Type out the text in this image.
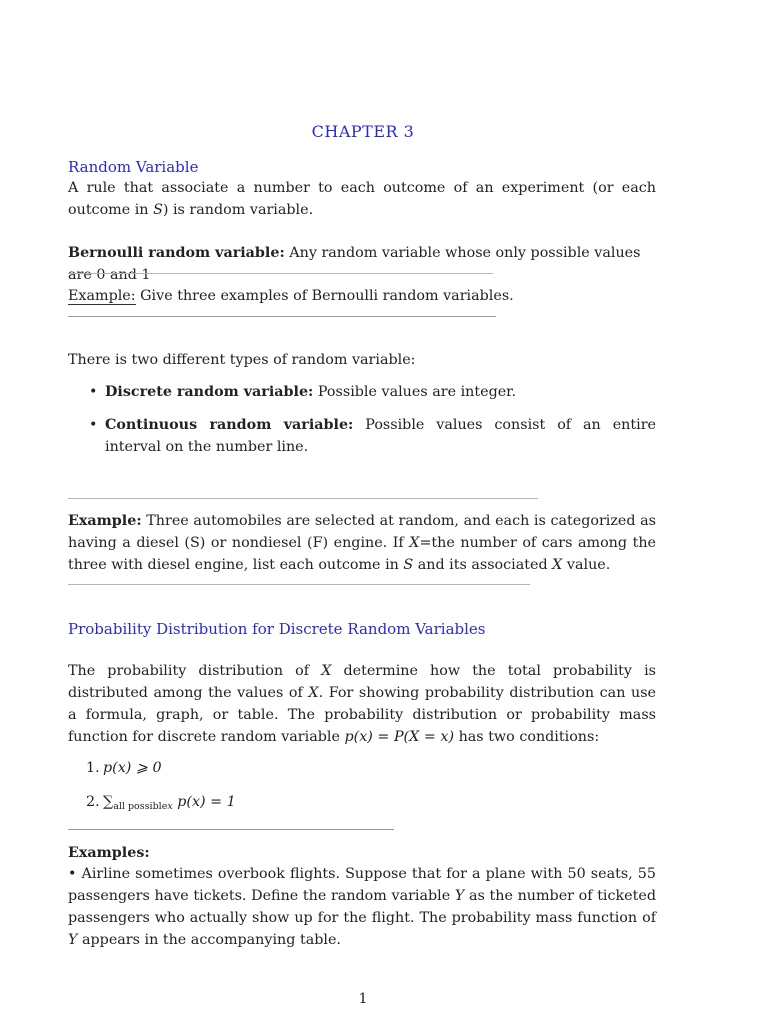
CHAPTER 3
Random Variable
A rule that associate a number to each outcome of an experiment (or each outcome in S) is random variable.
Bernoulli random variable: Any random variable whose only possible values are 0 and 1
Example: Give three examples of Bernoulli random variables.
There is two different types of random variable:
• Discrete random variable: Possible values are integer.
• Continuous random variable: Possible values consist of an entire interval on the number line.
Example: Three automobiles are selected at random, and each is categorized as having a diesel (S) or nondiesel (F) engine. If X=the number of cars among the three with diesel engine, list each outcome in S and its associated X value.
Probability Distribution for Discrete Random Variables
The probability distribution of X determine how the total probability is distributed among the values of X. For showing probability distribution can use a formula, graph, or table. The probability distribution or probability mass function for discrete random variable p(x) = P(X = x) has two conditions:
1. p(x) ⩾ 0
2. $\sum_{all possiblex}$ p(x) = 1
Examples:
• Airline sometimes overbook flights. Suppose that for a plane with 50 seats, 55 passengers have tickets. Define the random variable Y as the number of ticketed passengers who actually show up for the flight. The probability mass function of Y appears in the accompanying table.
1
